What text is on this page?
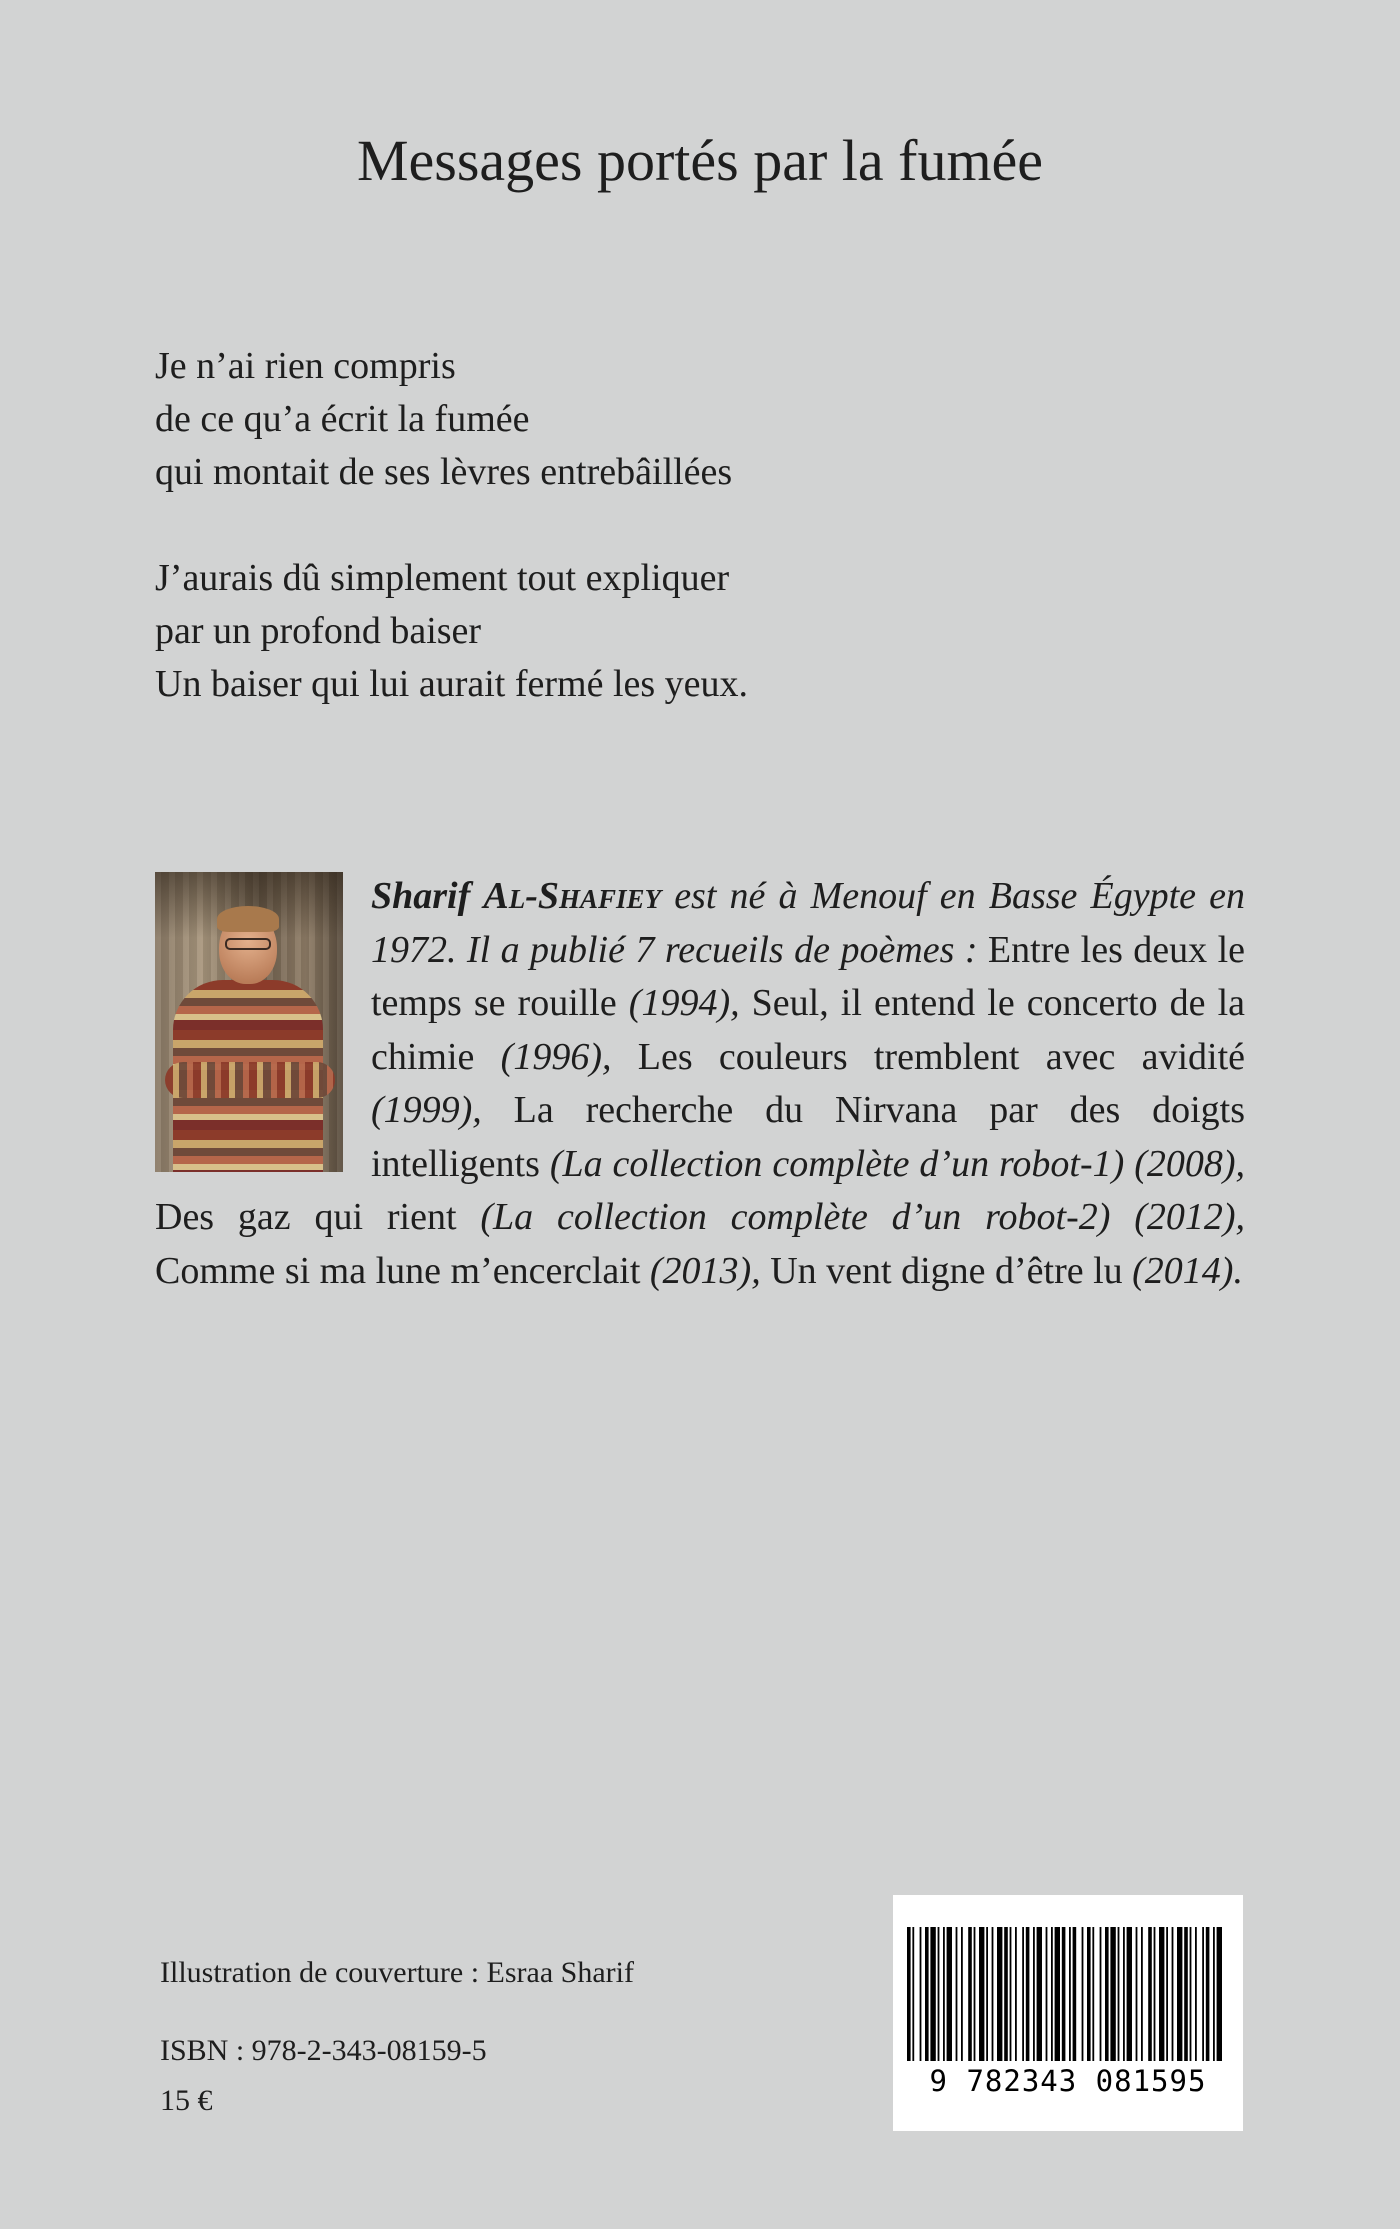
Messages portés par la fumée
Je n’ai rien compris
de ce qu’a écrit la fumée
qui montait de ses lèvres entrebâillées
J’aurais dû simplement tout expliquer
par un profond baiser
Un baiser qui lui aurait fermé les yeux.
Sharif Al-Shafiey est né à Menouf en Basse Égypte en 1972. Il a publié 7 recueils de poèmes : Entre les deux le temps se rouille (1994), Seul, il entend le concerto de la chimie (1996), Les couleurs tremblent avec avidité (1999), La recherche du Nirvana par des doigts intelligents (La collection complète d’un robot-1) (2008), Des gaz qui rient (La collection complète d’un robot-2) (2012), Comme si ma lune m’encerclait (2013), Un vent digne d’être lu (2014).
Illustration de couverture : Esraa Sharif
ISBN : 978-2-343-08159-5
15 €
9 782343 081595
